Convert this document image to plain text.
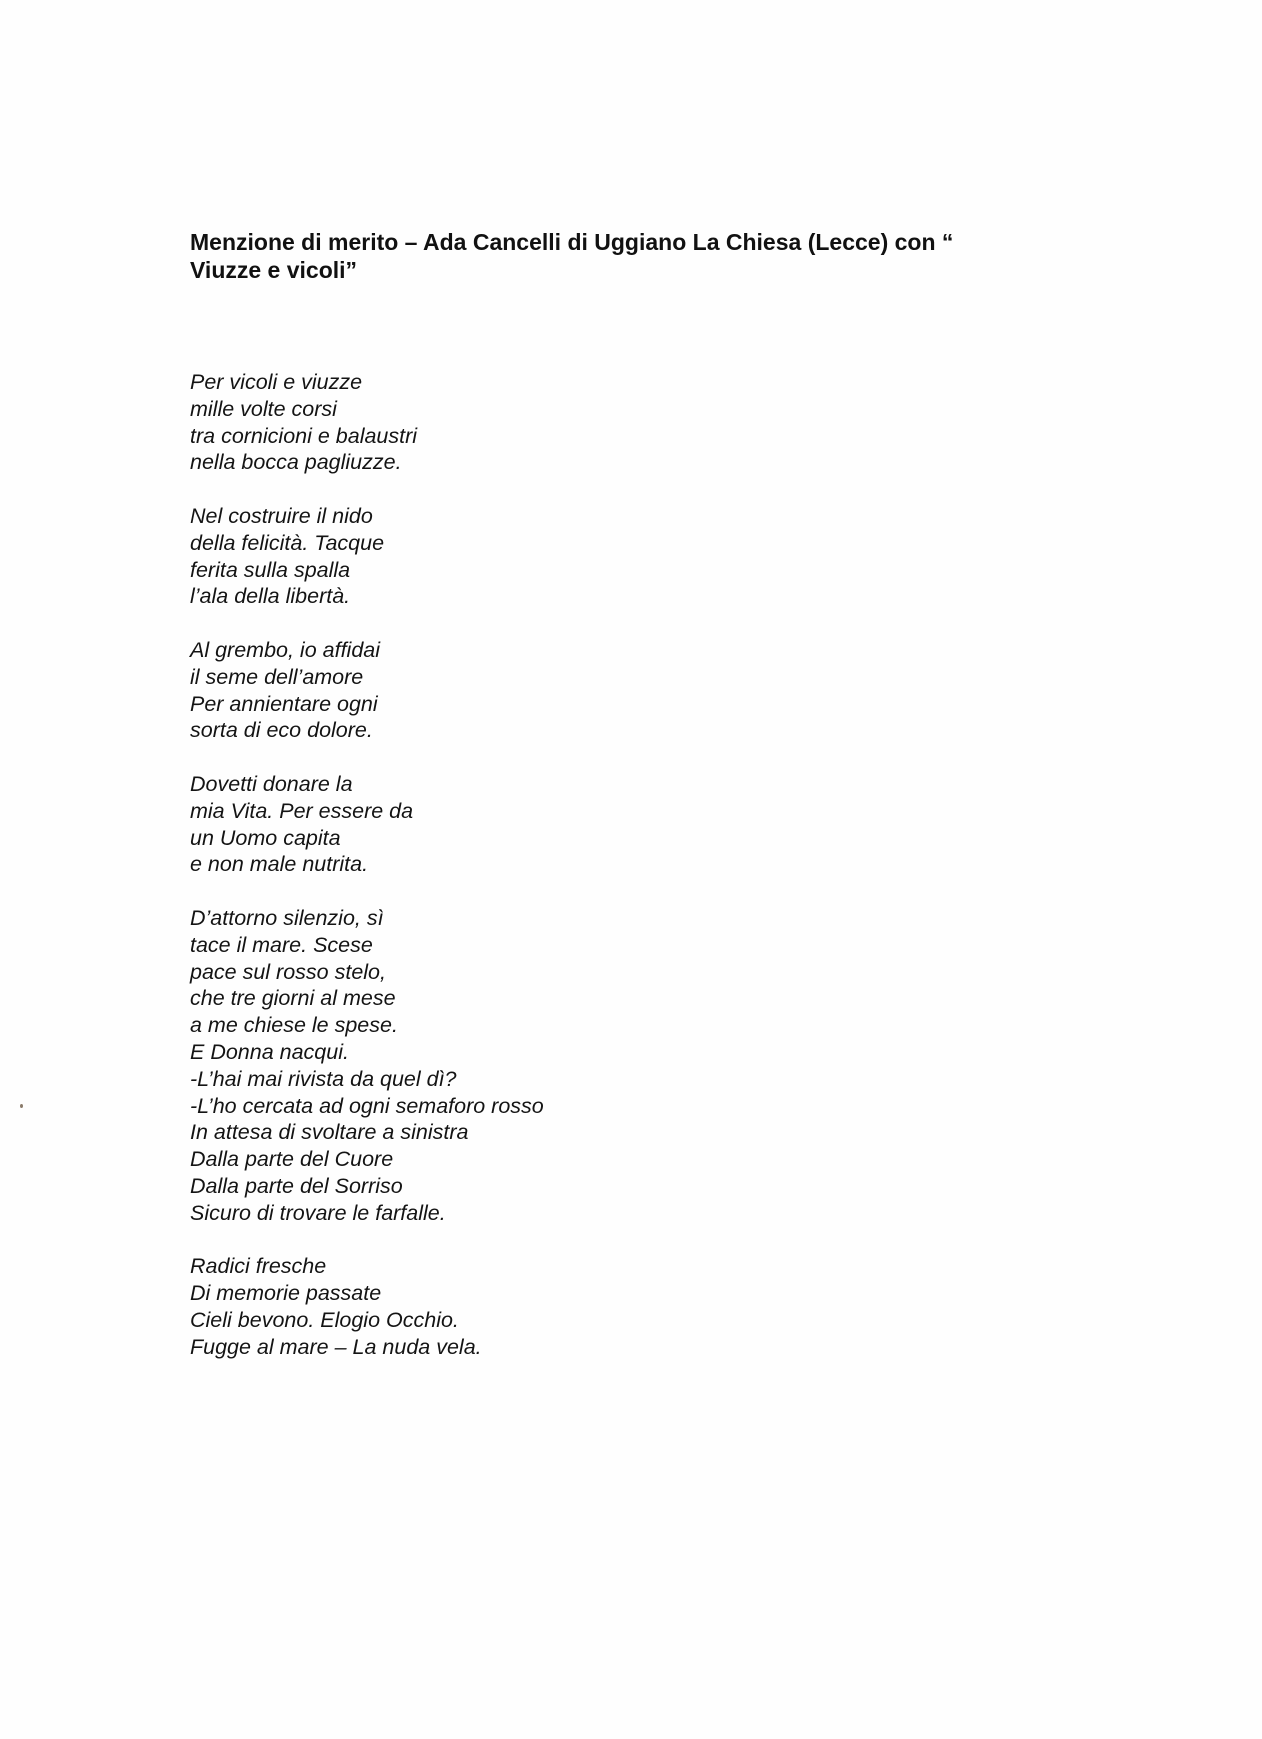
Menzione di merito – Ada Cancelli di Uggiano La Chiesa (Lecce) con “
Viuzze e vicoli”
Per vicoli e viuzze
mille volte corsi
tra cornicioni e balaustri
nella bocca pagliuzze.
Nel costruire il nido
della felicità. Tacque
ferita sulla spalla
l’ala della libertà.
Al grembo, io affidai
il seme dell’amore
Per annientare ogni
sorta di eco dolore.
Dovetti donare la
mia Vita. Per essere da
un Uomo capita
e non male nutrita.
D’attorno silenzio, sì
tace il mare. Scese
pace sul rosso stelo,
che tre giorni al mese
a me chiese le spese.
E Donna nacqui.
-L’hai mai rivista da quel dì?
-L’ho cercata ad ogni semaforo rosso
In attesa di svoltare a sinistra
Dalla parte del Cuore
Dalla parte del Sorriso
Sicuro di trovare le farfalle.
Radici fresche
Di memorie passate
Cieli bevono. Elogio Occhio.
Fugge al mare – La nuda vela.
